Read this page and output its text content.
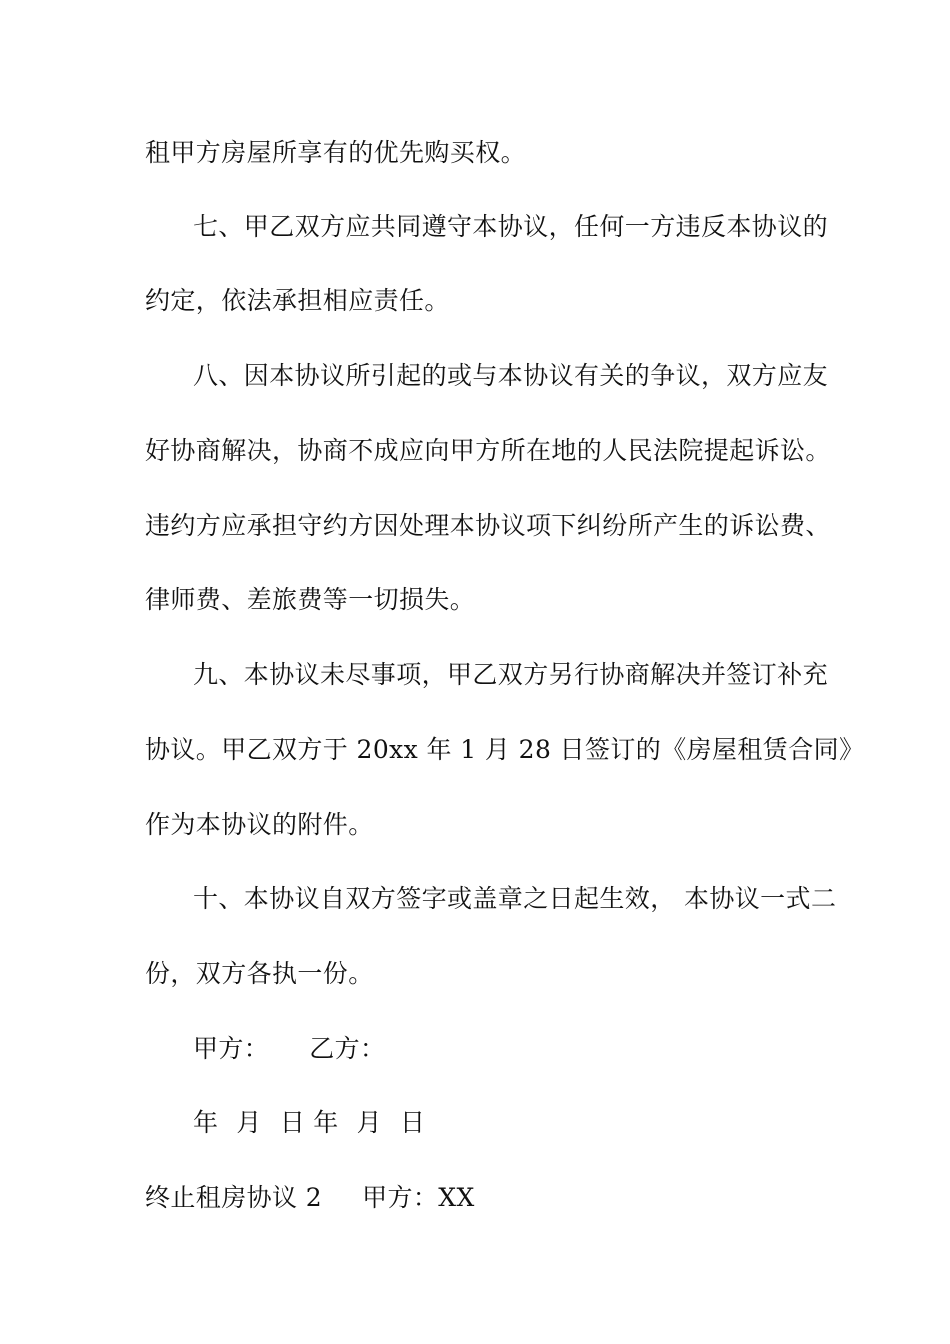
租甲方房屋所享有的优先购买权。
七、甲乙双方应共同遵守本协议，任何一方违反本协议的
约定，依法承担相应责任。
八、因本协议所引起的或与本协议有关的争议，双方应友
好协商解决，协商不成应向甲方所在地的人民法院提起诉讼。
违约方应承担守约方因处理本协议项下纠纷所产生的诉讼费、
律师费、差旅费等一切损失。
九、本协议未尽事项，甲乙双方另行协商解决并签订补充
协议。甲乙双方于 20xx 年 1 月 28 日签订的《房屋租赁合同》
作为本协议的附件。
十、本协议自双方签字或盖章之日起生效， 本协议一式二
份，双方各执一份。
甲方： 乙方：
年 月 日 年 月 日
终止租房协议 2 甲方：XX
